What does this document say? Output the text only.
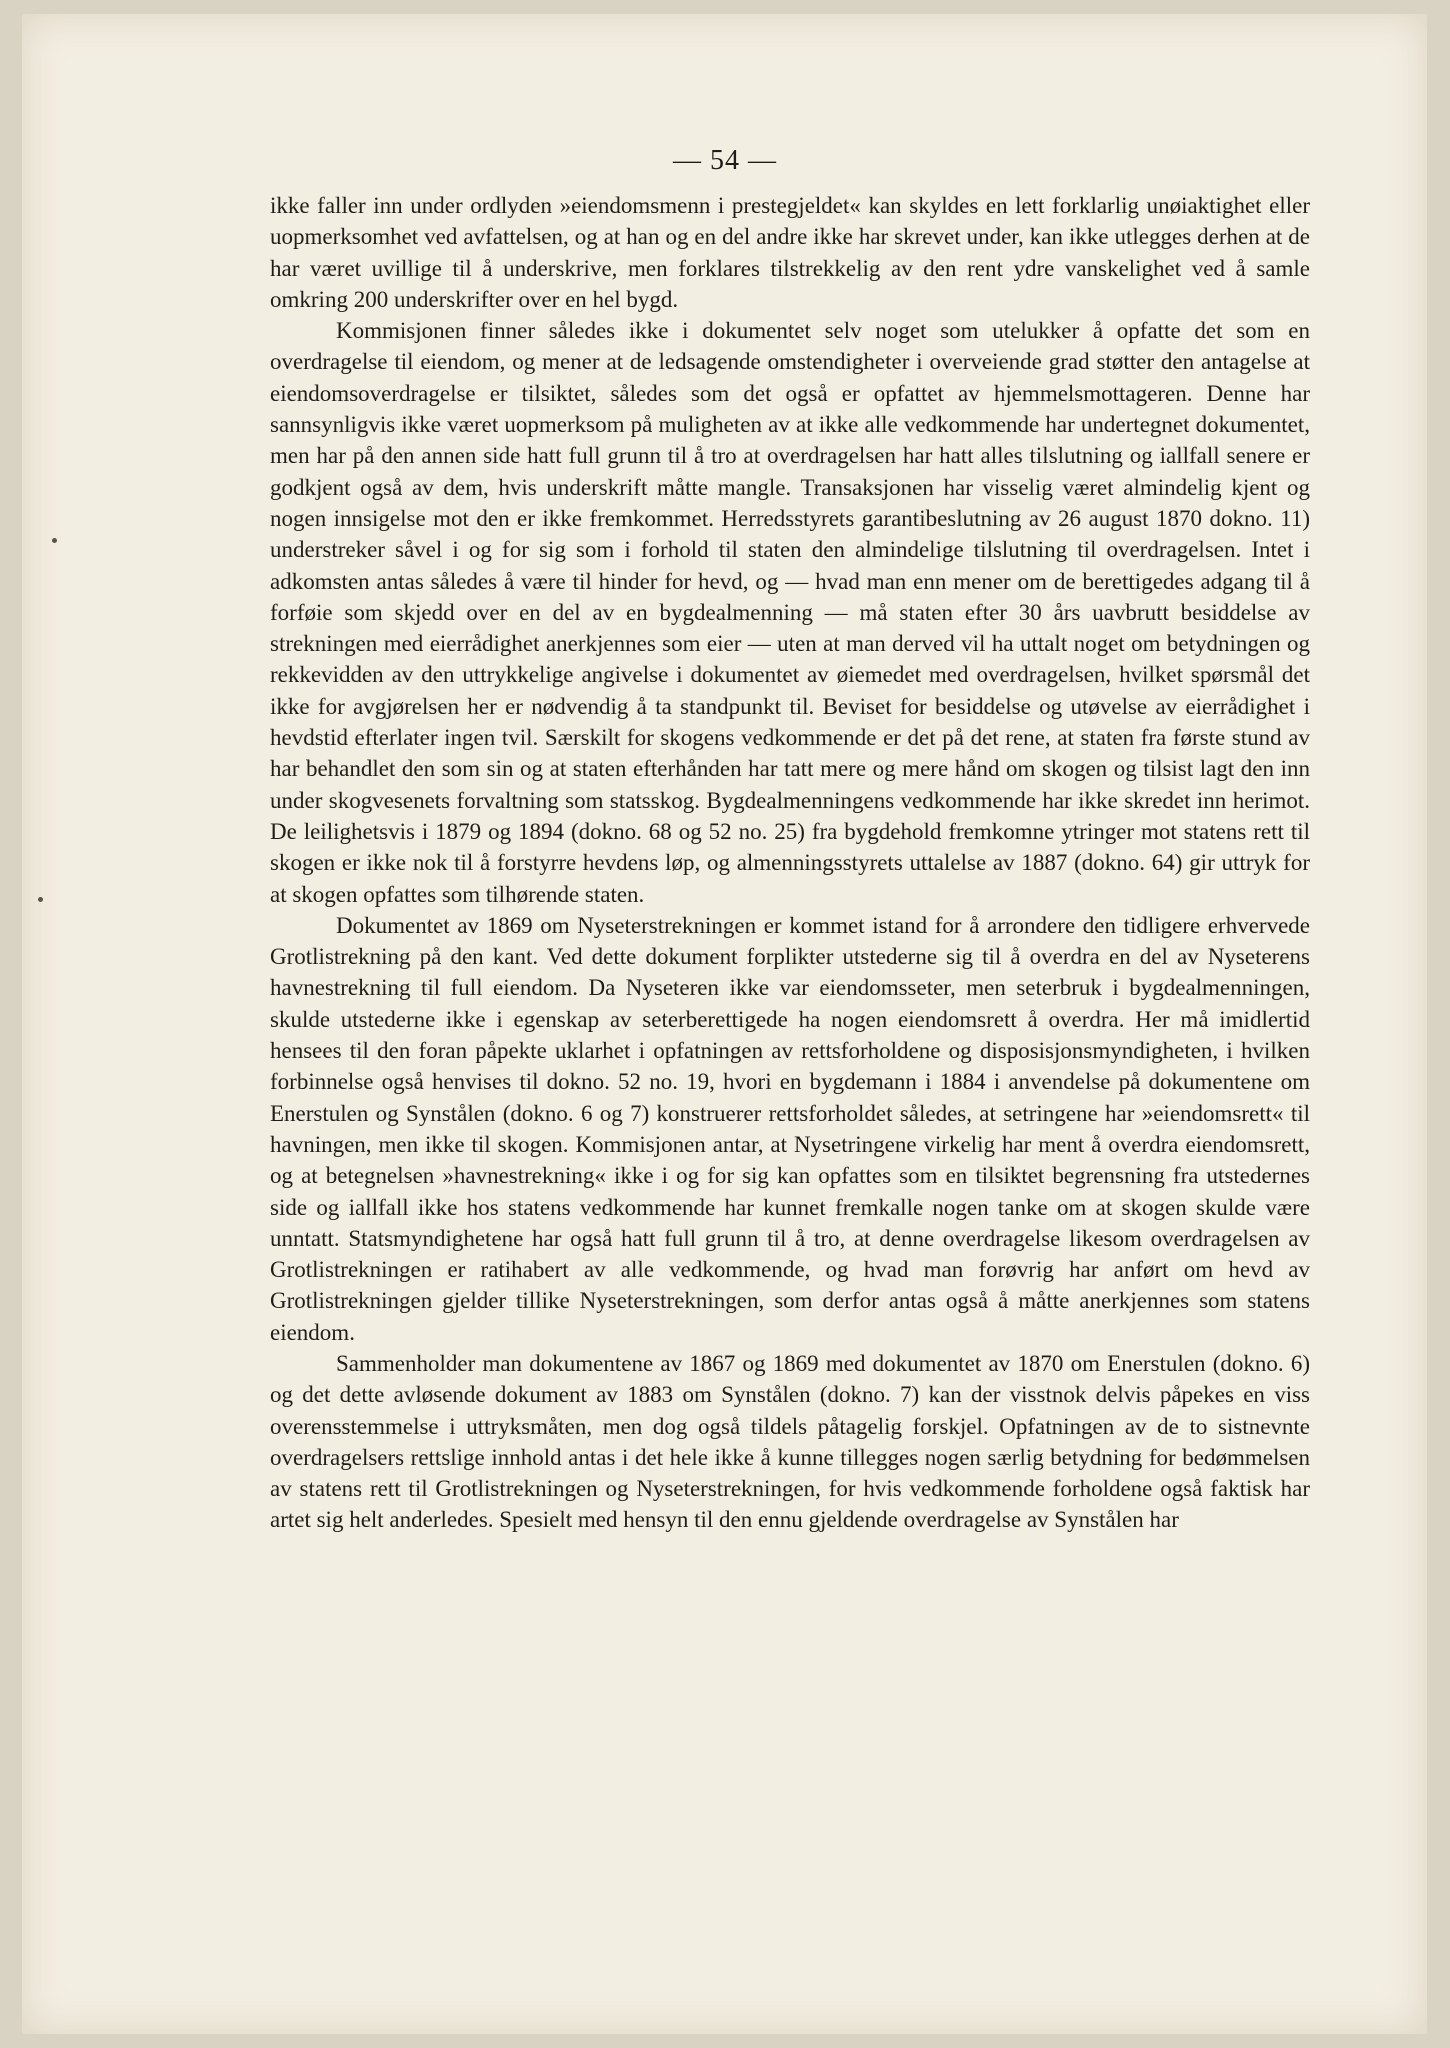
— 54 —

ikke faller inn under ordlyden »eiendomsmenn i prestegjeldet« kan skyldes en lett forklarlig unøiaktighet eller uopmerksomhet ved avfattelsen, og at han og en del andre ikke har skrevet under, kan ikke utlegges derhen at de har været uvillige til å underskrive, men forklares tilstrekkelig av den rent ydre vanskelighet ved å samle omkring 200 underskrifter over en hel bygd.

Kommisjonen finner således ikke i dokumentet selv noget som utelukker å opfatte det som en overdragelse til eiendom, og mener at de ledsagende omstendigheter i overveiende grad støtter den antagelse at eiendomsoverdragelse er tilsiktet, således som det også er opfattet av hjemmelsmottageren. Denne har sannsynligvis ikke været uopmerksom på muligheten av at ikke alle vedkommende har undertegnet dokumentet, men har på den annen side hatt full grunn til å tro at overdragelsen har hatt alles tilslutning og iallfall senere er godkjent også av dem, hvis underskrift måtte mangle. Transaksjonen har visselig været almindelig kjent og nogen innsigelse mot den er ikke fremkommet. Herredsstyrets garantibeslutning av 26 august 1870 dokno. 11) understreker såvel i og for sig som i forhold til staten den almindelige tilslutning til overdragelsen. Intet i adkomsten antas således å være til hinder for hevd, og — hvad man enn mener om de berettigedes adgang til å forføie som skjedd over en del av en bygdealmenning — må staten efter 30 års uavbrutt besiddelse av strekningen med eierrådighet anerkjennes som eier — uten at man derved vil ha uttalt noget om betydningen og rekkevidden av den uttrykkelige angivelse i dokumentet av øiemedet med overdragelsen, hvilket spørsmål det ikke for avgjørelsen her er nødvendig å ta standpunkt til. Beviset for besiddelse og utøvelse av eierrådighet i hevdstid efterlater ingen tvil. Særskilt for skogens vedkommende er det på det rene, at staten fra første stund av har behandlet den som sin og at staten efterhånden har tatt mere og mere hånd om skogen og tilsist lagt den inn under skogvesenets forvaltning som statsskog. Bygdealmenningens vedkommende har ikke skredet inn herimot. De leilighetsvis i 1879 og 1894 (dokno. 68 og 52 no. 25) fra bygdehold fremkomne ytringer mot statens rett til skogen er ikke nok til å forstyrre hevdens løp, og almenningsstyrets uttalelse av 1887 (dokno. 64) gir uttryk for at skogen opfattes som tilhørende staten.

Dokumentet av 1869 om Nyseterstrekningen er kommet istand for å arrondere den tidligere erhvervede Grotlistrekning på den kant. Ved dette dokument forplikter utstederne sig til å overdra en del av Nyseterens havnestrekning til full eiendom. Da Nyseteren ikke var eiendomsseter, men seterbruk i bygdealmenningen, skulde utstederne ikke i egenskap av seterberettigede ha nogen eiendomsrett å overdra. Her må imidlertid hensees til den foran påpekte uklarhet i opfatningen av rettsforholdene og disposisjonsmyndigheten, i hvilken forbinnelse også henvises til dokno. 52 no. 19, hvori en bygdemann i 1884 i anvendelse på dokumentene om Enerstulen og Synstålen (dokno. 6 og 7) konstruerer rettsforholdet således, at setringene har »eiendomsrett« til havningen, men ikke til skogen. Kommisjonen antar, at Nysetringene virkelig har ment å overdra eiendomsrett, og at betegnelsen »havnestrekning« ikke i og for sig kan opfattes som en tilsiktet begrensning fra utstedernes side og iallfall ikke hos statens vedkommende har kunnet fremkalle nogen tanke om at skogen skulde være unntatt. Statsmyndighetene har også hatt full grunn til å tro, at denne overdragelse likesom overdragelsen av Grotlistrekningen er ratihabert av alle vedkommende, og hvad man forøvrig har anført om hevd av Grotlistrekningen gjelder tillike Nyseterstrekningen, som derfor antas også å måtte anerkjennes som statens eiendom.

Sammenholder man dokumentene av 1867 og 1869 med dokumentet av 1870 om Enerstulen (dokno. 6) og det dette avløsende dokument av 1883 om Synstålen (dokno. 7) kan der visstnok delvis påpekes en viss overensstemmelse i uttryksmåten, men dog også tildels påtagelig forskjel. Opfatningen av de to sistnevnte overdragelsers rettslige innhold antas i det hele ikke å kunne tillegges nogen særlig betydning for bedømmelsen av statens rett til Grotlistrekningen og Nyseterstrekningen, for hvis vedkommende forholdene også faktisk har artet sig helt anderledes. Spesielt med hensyn til den ennu gjeldende overdragelse av Synstålen har
